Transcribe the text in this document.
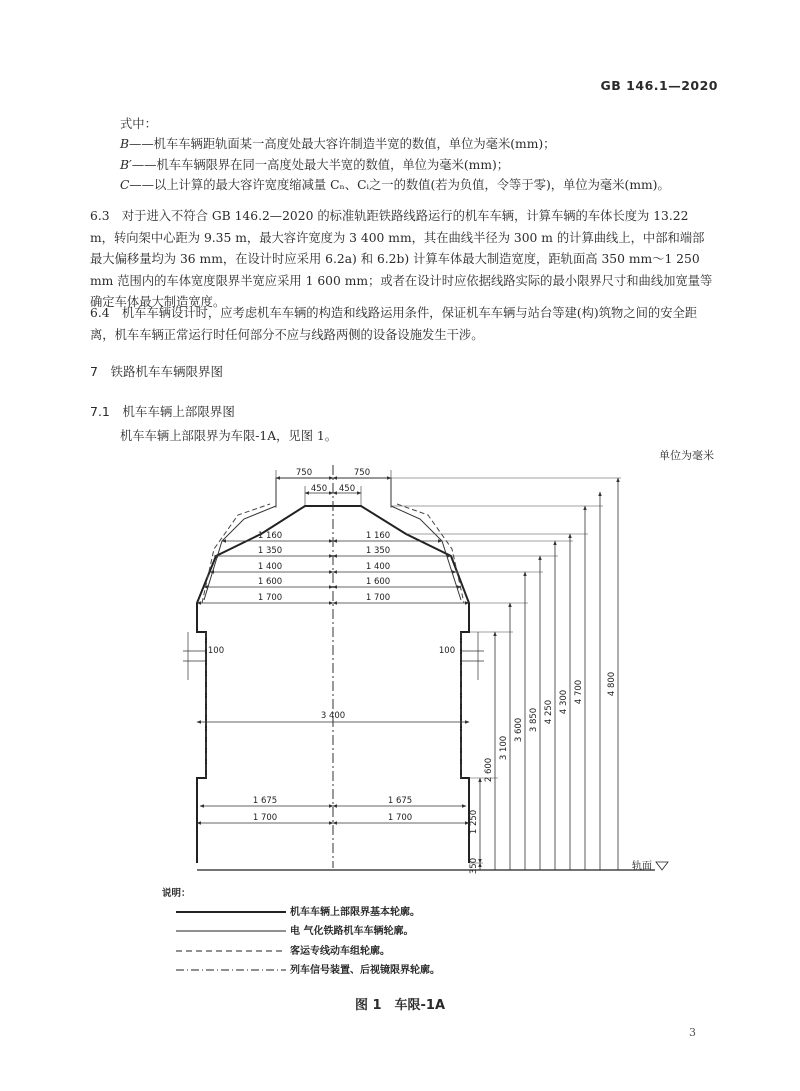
GB 146.1—2020
式中：
B——机车车辆距轨面某一高度处最大容许制造半宽的数值，单位为毫米(mm)；
B′——机车车辆限界在同一高度处最大半宽的数值，单位为毫米(mm)；
C——以上计算的最大容许宽度缩减量 Cₙ、Cᵢ之一的数值(若为负值，令等于零)，单位为毫米(mm)。
6.3　对于进入不符合 GB 146.2—2020 的标准轨距铁路线路运行的机车车辆，计算车辆的车体长度为 13.22 m，转向架中心距为 9.35 m，最大容许宽度为 3 400 mm，其在曲线半径为 300 m 的计算曲线上，中部和端部最大偏移量均为 36 mm，在设计时应采用 6.2a) 和 6.2b) 计算车体最大制造宽度，距轨面高 350 mm～1 250 mm 范围内的车体宽度限界半宽应采用 1 600 mm；或者在设计时应依据线路实际的最小限界尺寸和曲线加宽量等确定车体最大制造宽度。
6.4　机车车辆设计时，应考虑机车车辆的构造和线路运用条件，保证机车车辆与站台等建(构)筑物之间的安全距离，机车车辆正常运行时任何部分不应与线路两侧的设备设施发生干涉。
7　铁路机车车辆限界图
7.1　机车车辆上部限界图
机车车辆上部限界为车限-1A，见图 1。
单位为毫米
750	750
450 450
1 160	1 160
1 350	1 350
1 400	1 400
1 600	1 600
1 700	1 700
100	100
3 400
1 675	1 675
1 700	1 700
轨面
350
1 250
2 600
3 100
3 600 3 850 4 250 4 300 4 700	4 800
说明：
机车车辆上部限界基本轮廓。
电 气化铁路机车车辆轮廓。
客运专线动车组轮廓。
列车信号装置、后视镜限界轮廓。
图 1　车限-1A
3
